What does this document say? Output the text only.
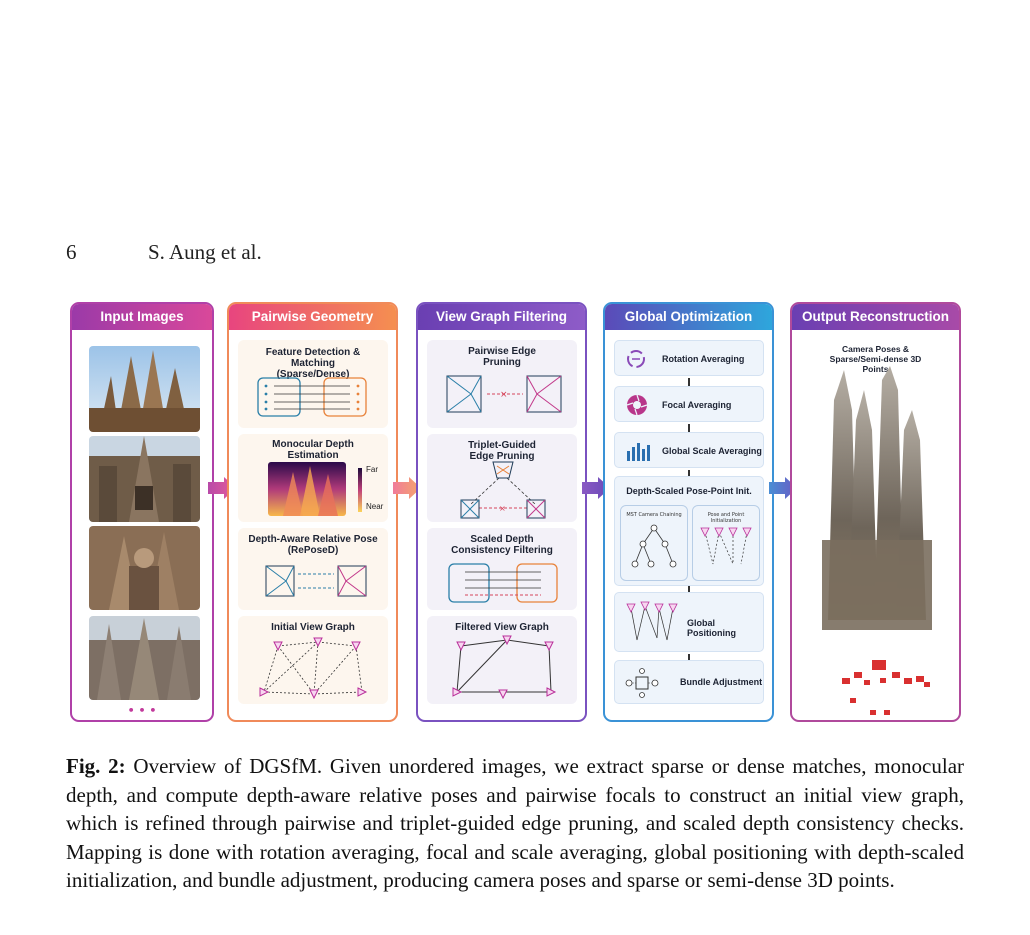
6	S. Aung et al.
Input Images
• • •
Pairwise Geometry
Feature Detection & Matching (Sparse/Dense)
Monocular Depth Estimation
Far
Near
Depth-Aware Relative Pose (RePoseD)
Initial View Graph
View Graph Filtering
Pairwise Edge Pruning
×
Triplet-Guided Edge Pruning
×
Scaled Depth Consistency Filtering
Filtered View Graph
Global Optimization
Rotation Averaging
Focal Averaging
Global Scale Averaging
Depth-Scaled Pose-Point Init.
MST Camera Chaining	Pose and Point Initialization
Global Positioning
Bundle Adjustment
Output Reconstruction
Camera Poses & Sparse/Semi-dense 3D Points
Fig. 2: Overview of DGSfM. Given unordered images, we extract sparse or dense matches, monocular depth, and compute depth-aware relative poses and pairwise focals to construct an initial view graph, which is refined through pairwise and triplet-guided edge pruning, and scaled depth consistency checks. Mapping is done with rotation averaging, focal and scale averaging, global positioning with depth-scaled initialization, and bundle adjustment, producing camera poses and sparse or semi-dense 3D points.
